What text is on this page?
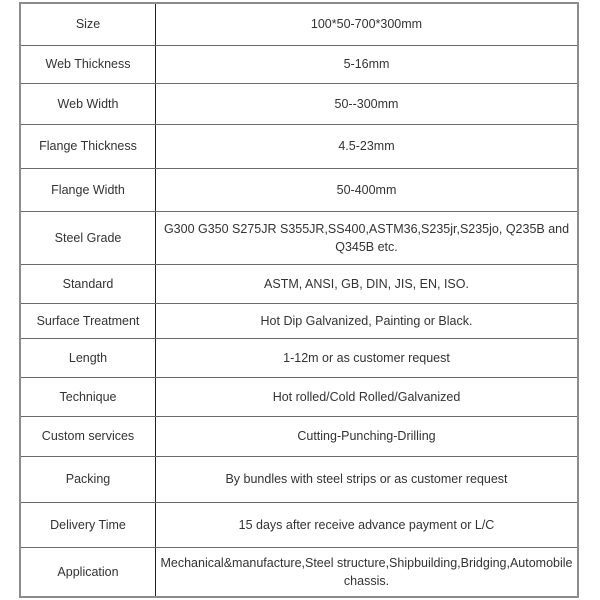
Size	100*50-700*300mm
Web Thickness	5-16mm
Web Width	50--300mm
Flange Thickness	4.5-23mm
Flange Width	50-400mm
Steel Grade	G300 G350 S275JR S355JR,SS400,ASTM36,S235jr,S235jo, Q235B and Q345B etc.
Standard	ASTM, ANSI, GB, DIN, JIS, EN, ISO.
Surface Treatment	Hot Dip Galvanized, Painting or Black.
Length	1-12m or as customer request
Technique	Hot rolled/Cold Rolled/Galvanized
Custom services	Cutting-Punching-Drilling
Packing	By bundles with steel strips or as customer request
Delivery Time	15 days after receive advance payment or L/C
Application	Mechanical&manufacture,Steel structure,Shipbuilding,Bridging,Automobile chassis.
